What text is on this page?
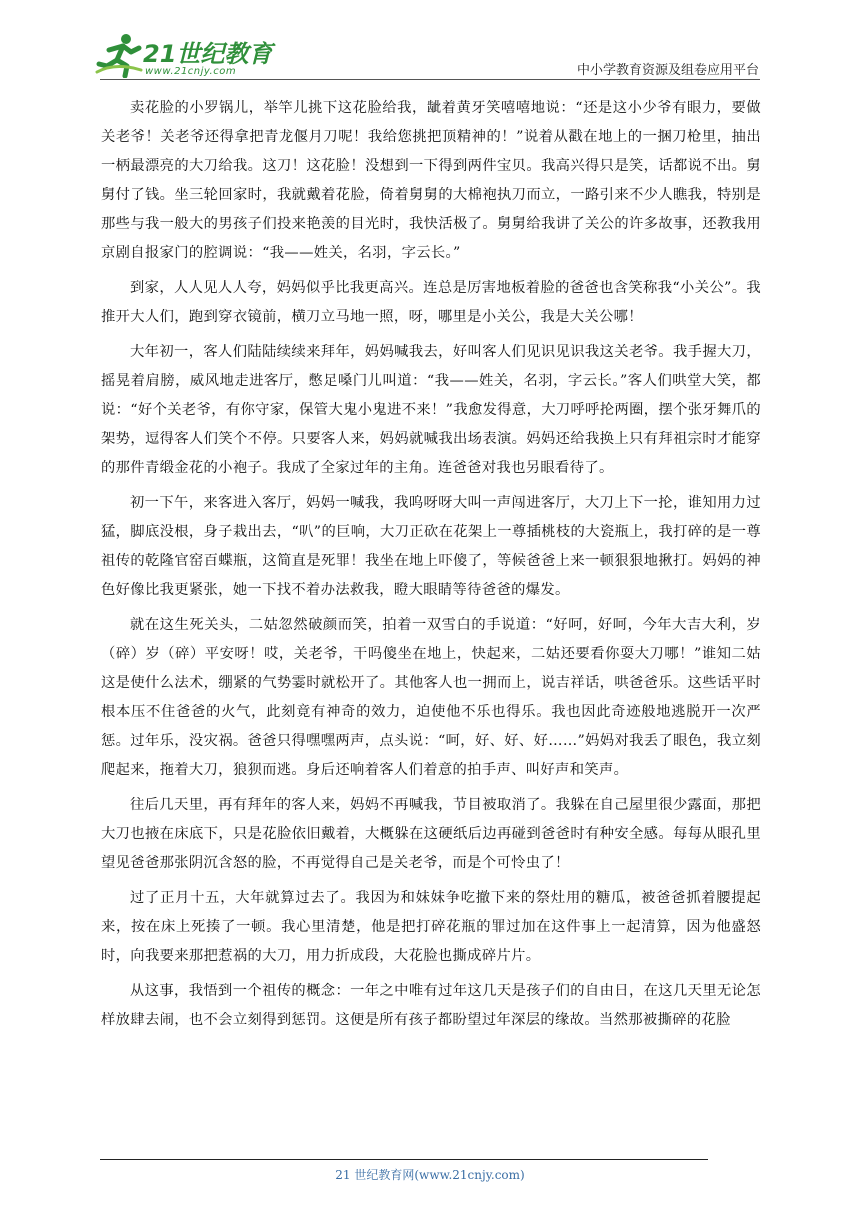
21世纪教育
www.21cnjy.com	中小学教育资源及组卷应用平台

卖花脸的小罗锅儿，举竿儿挑下这花脸给我，龇着黄牙笑嘻嘻地说：“还是这小少爷有眼力，要做关老爷！关老爷还得拿把青龙偃月刀呢！我给您挑把顶精神的！”说着从戳在地上的一捆刀枪里，抽出一柄最漂亮的大刀给我。这刀！这花脸！没想到一下得到两件宝贝。我高兴得只是笑，话都说不出。舅舅付了钱。坐三轮回家时，我就戴着花脸，倚着舅舅的大棉袍执刀而立，一路引来不少人瞧我，特别是那些与我一般大的男孩子们投来艳羡的目光时，我快活极了。舅舅给我讲了关公的许多故事，还教我用京剧自报家门的腔调说：“我——姓关，名羽，字云长。”

到家，人人见人人夸，妈妈似乎比我更高兴。连总是厉害地板着脸的爸爸也含笑称我“小关公”。我推开大人们，跑到穿衣镜前，横刀立马地一照，呀，哪里是小关公，我是大关公哪！

大年初一，客人们陆陆续续来拜年，妈妈喊我去，好叫客人们见识见识我这关老爷。我手握大刀，摇晃着肩膀，威风地走进客厅，憋足嗓门儿叫道：“我——姓关，名羽，字云长。”客人们哄堂大笑，都说：“好个关老爷，有你守家，保管大鬼小鬼进不来！”我愈发得意，大刀呼呼抡两圈，摆个张牙舞爪的架势，逗得客人们笑个不停。只要客人来，妈妈就喊我出场表演。妈妈还给我换上只有拜祖宗时才能穿的那件青缎金花的小袍子。我成了全家过年的主角。连爸爸对我也另眼看待了。

初一下午，来客进入客厅，妈妈一喊我，我呜呀呀大叫一声闯进客厅，大刀上下一抡，谁知用力过猛，脚底没根，身子栽出去，“叭”的巨响，大刀正砍在花架上一尊插桃枝的大瓷瓶上，我打碎的是一尊祖传的乾隆官窑百蝶瓶，这简直是死罪！我坐在地上吓傻了，等候爸爸上来一顿狠狠地揪打。妈妈的神色好像比我更紧张，她一下找不着办法救我，瞪大眼睛等待爸爸的爆发。

就在这生死关头，二姑忽然破颜而笑，拍着一双雪白的手说道：“好呵，好呵，今年大吉大利，岁（碎）岁（碎）平安呀！哎，关老爷，干吗傻坐在地上，快起来，二姑还要看你耍大刀哪！”谁知二姑这是使什么法术，绷紧的气势霎时就松开了。其他客人也一拥而上，说吉祥话，哄爸爸乐。这些话平时根本压不住爸爸的火气，此刻竟有神奇的效力，迫使他不乐也得乐。我也因此奇迹般地逃脱开一次严惩。过年乐，没灾祸。爸爸只得嘿嘿两声，点头说：“呵，好、好、好……”妈妈对我丢了眼色，我立刻爬起来，拖着大刀，狼狈而逃。身后还响着客人们着意的拍手声、叫好声和笑声。

往后几天里，再有拜年的客人来，妈妈不再喊我，节目被取消了。我躲在自己屋里很少露面，那把大刀也掖在床底下，只是花脸依旧戴着，大概躲在这硬纸后边再碰到爸爸时有种安全感。每每从眼孔里望见爸爸那张阴沉含怒的脸，不再觉得自己是关老爷，而是个可怜虫了！

过了正月十五，大年就算过去了。我因为和妹妹争吃撤下来的祭灶用的糖瓜，被爸爸抓着腰提起来，按在床上死揍了一顿。我心里清楚，他是把打碎花瓶的罪过加在这件事上一起清算，因为他盛怒时，向我要来那把惹祸的大刀，用力折成段，大花脸也撕成碎片片。

从这事，我悟到一个祖传的概念：一年之中唯有过年这几天是孩子们的自由日，在这几天里无论怎样放肆去闹，也不会立刻得到惩罚。这便是所有孩子都盼望过年深层的缘故。当然那被撕碎的花脸

21 世纪教育网(www.21cnjy.com)
